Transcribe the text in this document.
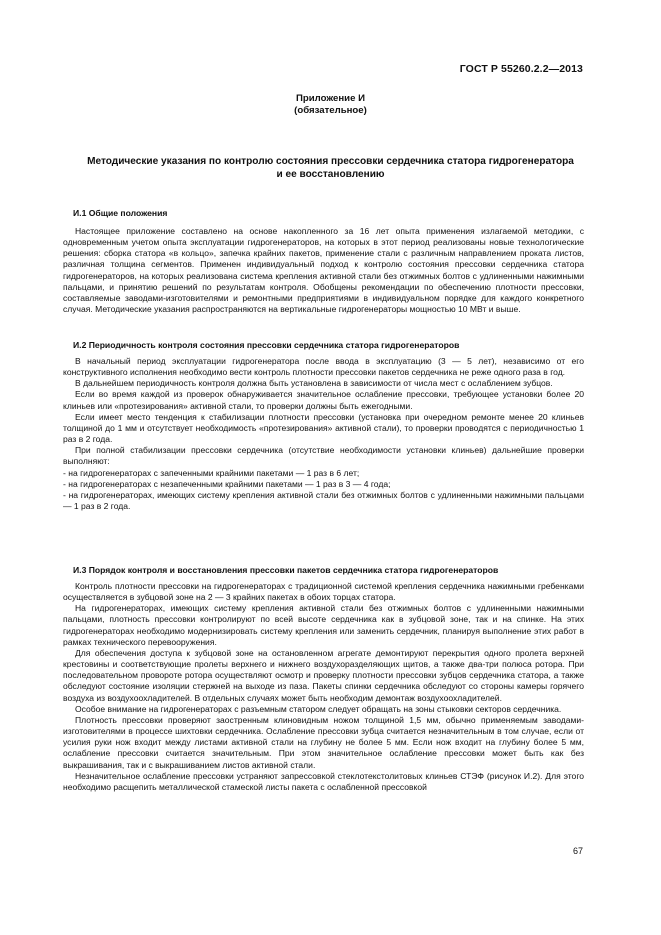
ГОСТ Р 55260.2.2—2013
Приложение И
(обязательное)
Методические указания по контролю состояния прессовки сердечника статора гидрогенератора
и ее восстановлению
И.1 Общие положения

Настоящее приложение составлено на основе накопленного за 16 лет опыта применения излагаемой методики, с одновременным учетом опыта эксплуатации гидрогенераторов, на которых в этот период реализованы новые технологические решения: сборка статора «в кольцо», запечка крайних пакетов, применение стали с различным направлением проката листов, различная толщина сегментов. Применен индивидуальный подход к контролю состояния прессовки сердечника статора гидрогенераторов, на которых реализована система крепления активной стали без отжимных болтов с удлиненными нажимными пальцами, и принятию решений по результатам контроля. Обобщены рекомендации по обеспечению плотности прессовки, составляемые заводами-изготовителями и ремонтными предприятиями в индивидуальном порядке для каждого конкретного случая. Методические указания распространяются на вертикальные гидрогенераторы мощностью 10 МВт и выше.

И.2 Периодичность контроля состояния прессовки сердечника статора гидрогенераторов

В начальный период эксплуатации гидрогенератора после ввода в эксплуатацию (3 — 5 лет), независимо от его конструктивного исполнения необходимо вести контроль плотности прессовки пакетов сердечника не реже одного раза в год.

В дальнейшем периодичность контроля должна быть установлена в зависимости от числа мест с ослаблением зубцов.

Если во время каждой из проверок обнаруживается значительное ослабление прессовки, требующее установки более 20 клиньев или «протезирования» активной стали, то проверки должны быть ежегодными.

Если имеет место тенденция к стабилизации плотности прессовки (установка при очередном ремонте менее 20 клиньев толщиной до 1 мм и отсутствует необходимость «протезирования» активной стали), то проверки проводятся с периодичностью 1 раз в 2 года.

При полной стабилизации прессовки сердечника (отсутствие необходимости установки клиньев) дальнейшие проверки выполняют:

- на гидрогенераторах с запеченными крайними пакетами — 1 раз в 6 лет;

- на гидрогенераторах с незапеченными крайними пакетами — 1 раз в 3 — 4 года;

- на гидрогенераторах, имеющих систему крепления активной стали без отжимных болтов с удлиненными нажимными пальцами — 1 раз в 2 года.

И.3 Порядок контроля и восстановления прессовки пакетов сердечника статора гидрогенераторов

Контроль плотности прессовки на гидрогенераторах с традиционной системой крепления сердечника нажимными гребенками осуществляется в зубцовой зоне на 2 — 3 крайних пакетах в обоих торцах статора.

На гидрогенераторах, имеющих систему крепления активной стали без отжимных болтов с удлиненными нажимными пальцами, плотность прессовки контролируют по всей высоте сердечника как в зубцовой зоне, так и на спинке. На этих гидрогенераторах необходимо модернизировать систему крепления или заменить сердечник, планируя выполнение этих работ в рамках технического перевооружения.

Для обеспечения доступа к зубцовой зоне на остановленном агрегате демонтируют перекрытия одного пролета верхней крестовины и соответствующие пролеты верхнего и нижнего воздухоразделяющих щитов, а также два-три полюса ротора. При последовательном провороте ротора осуществляют осмотр и проверку плотности прессовки зубцов сердечника статора, а также обследуют состояние изоляции стержней на выходе из паза. Пакеты спинки сердечника обследуют со стороны камеры горячего воздуха из воздухоохладителей. В отдельных случаях может быть необходим демонтаж воздухоохладителей.

Особое внимание на гидрогенераторах с разъемным статором следует обращать на зоны стыковки секторов сердечника.

Плотность прессовки проверяют заостренным клиновидным ножом толщиной 1,5 мм, обычно применяемым заводами-изготовителями в процессе шихтовки сердечника. Ослабление прессовки зубца считается незначительным в том случае, если от усилия руки нож входит между листами активной стали на глубину не более 5 мм. Если нож входит на глубину более 5 мм, ослабление прессовки считается значительным. При этом значительное ослабление прессовки может быть как без выкрашивания, так и с выкрашиванием листов активной стали.

Незначительное ослабление прессовки устраняют запрессовкой стеклотекстолитовых клиньев СТЭФ (рисунок И.2). Для этого необходимо расщепить металлической стамеской листы пакета с ослабленной прессовкой

67
